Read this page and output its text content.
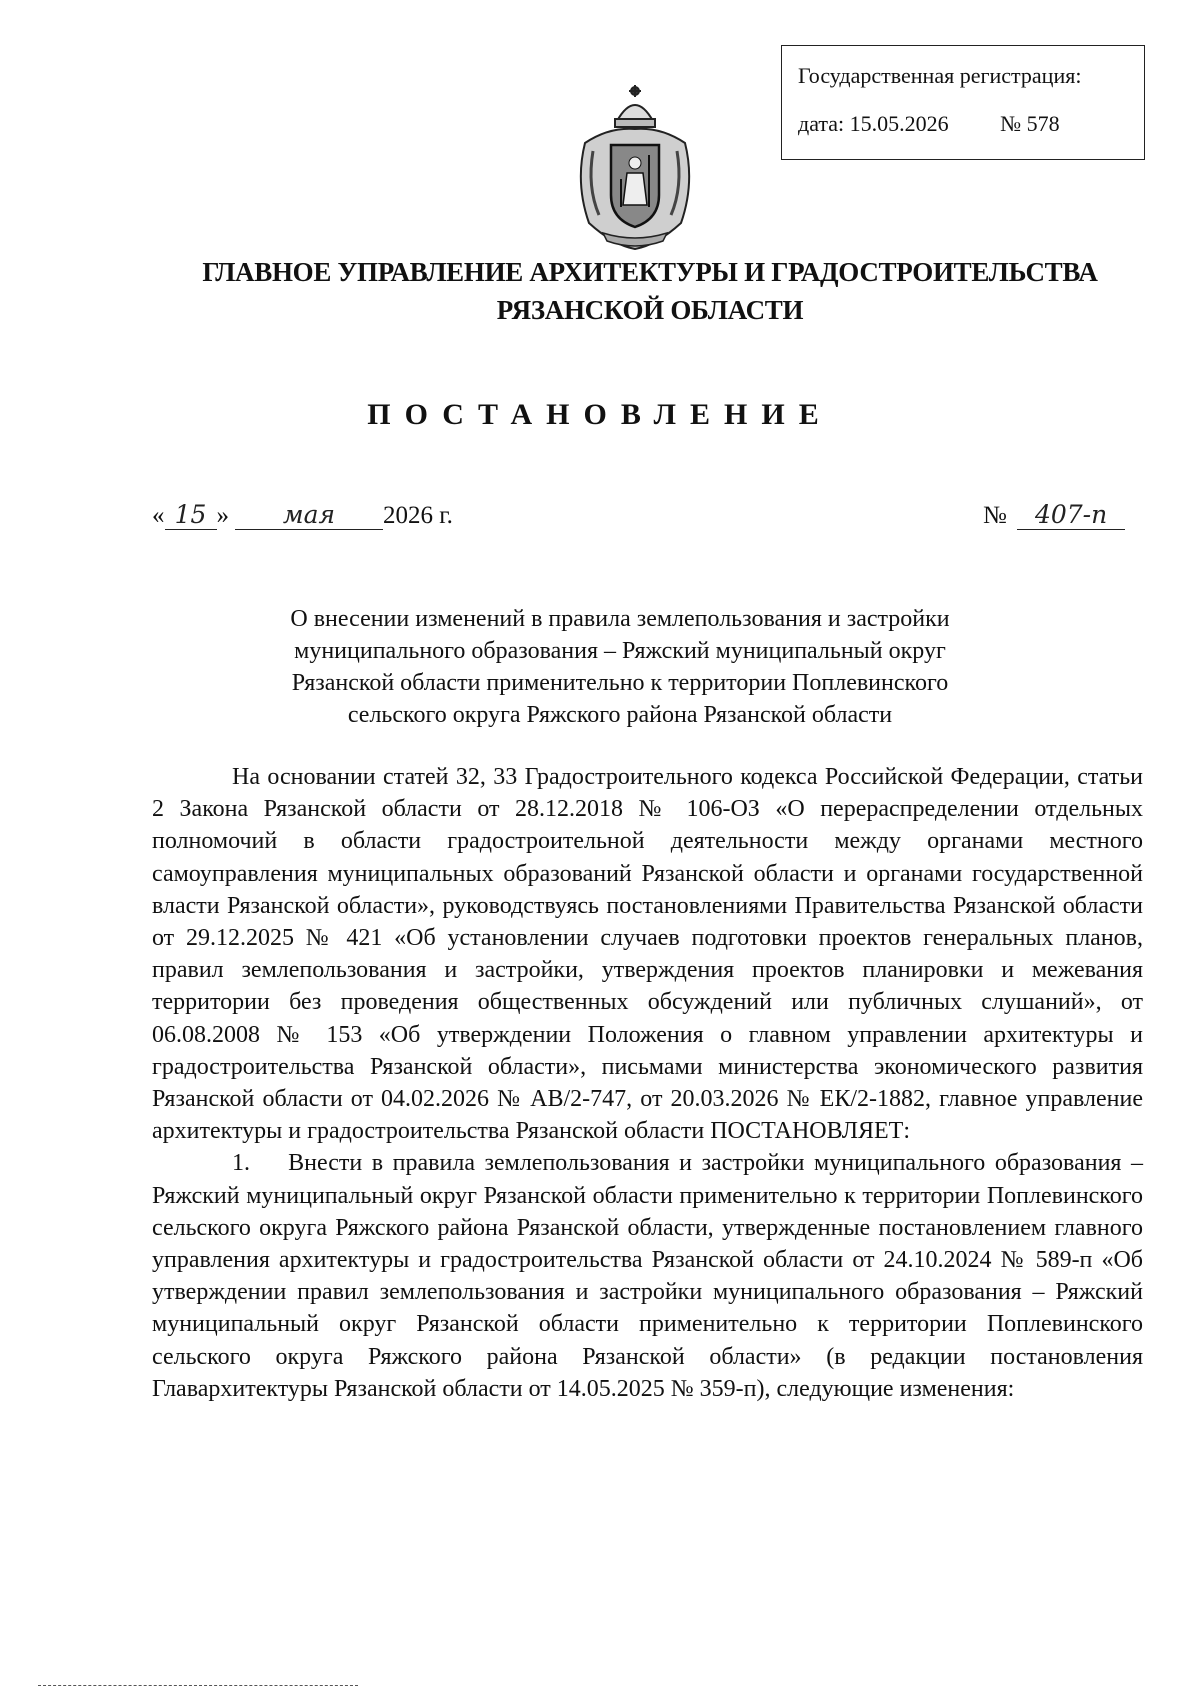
Государственная регистрация:
дата: 15.05.2026 № 578
ГЛАВНОЕ УПРАВЛЕНИЕ АРХИТЕКТУРЫ И ГРАДОСТРОИТЕЛЬСТВА
РЯЗАНСКОЙ ОБЛАСТИ
ПОСТАНОВЛЕНИЕ
« 15 » мая 2026 г.	№ 407-п
О внесении изменений в правила землепользования и застройки
муниципального образования – Ряжский муниципальный округ
Рязанской области применительно к территории Поплевинского
сельского округа Ряжского района Рязанской области

На основании статей 32, 33 Градостроительного кодекса Российской Федерации, статьи 2 Закона Рязанской области от 28.12.2018 № 106-ОЗ «О перераспределении отдельных полномочий в области градостроительной деятельности между органами местного самоуправления муниципальных образований Рязанской области и органами государственной власти Рязанской области», руководствуясь постановлениями Правительства Рязанской области от 29.12.2025 № 421 «Об установлении случаев подготовки проектов генеральных планов, правил землепользования и застройки, утверждения проектов планировки и межевания территории без проведения общественных обсуждений или публичных слушаний», от 06.08.2008 № 153 «Об утверждении Положения о главном управлении архитектуры и градостроительства Рязанской области», письмами министерства экономического развития Рязанской области от 04.02.2026 № АВ/2-747, от 20.03.2026 № ЕК/2-1882, главное управление архитектуры и градостроительства Рязанской области ПОСТАНОВЛЯЕТ:

1.    Внести в правила землепользования и застройки муниципального образования – Ряжский муниципальный округ Рязанской области применительно к территории Поплевинского сельского округа Ряжского района Рязанской области, утвержденные постановлением главного управления архитектуры и градостроительства Рязанской области от 24.10.2024 № 589-п «Об утверждении правил землепользования и застройки муниципального образования – Ряжский муниципальный округ Рязанской области применительно к территории Поплевинского сельского округа Ряжского района Рязанской области» (в редакции постановления Главархитектуры Рязанской области от 14.05.2025 № 359-п), следующие изменения:
